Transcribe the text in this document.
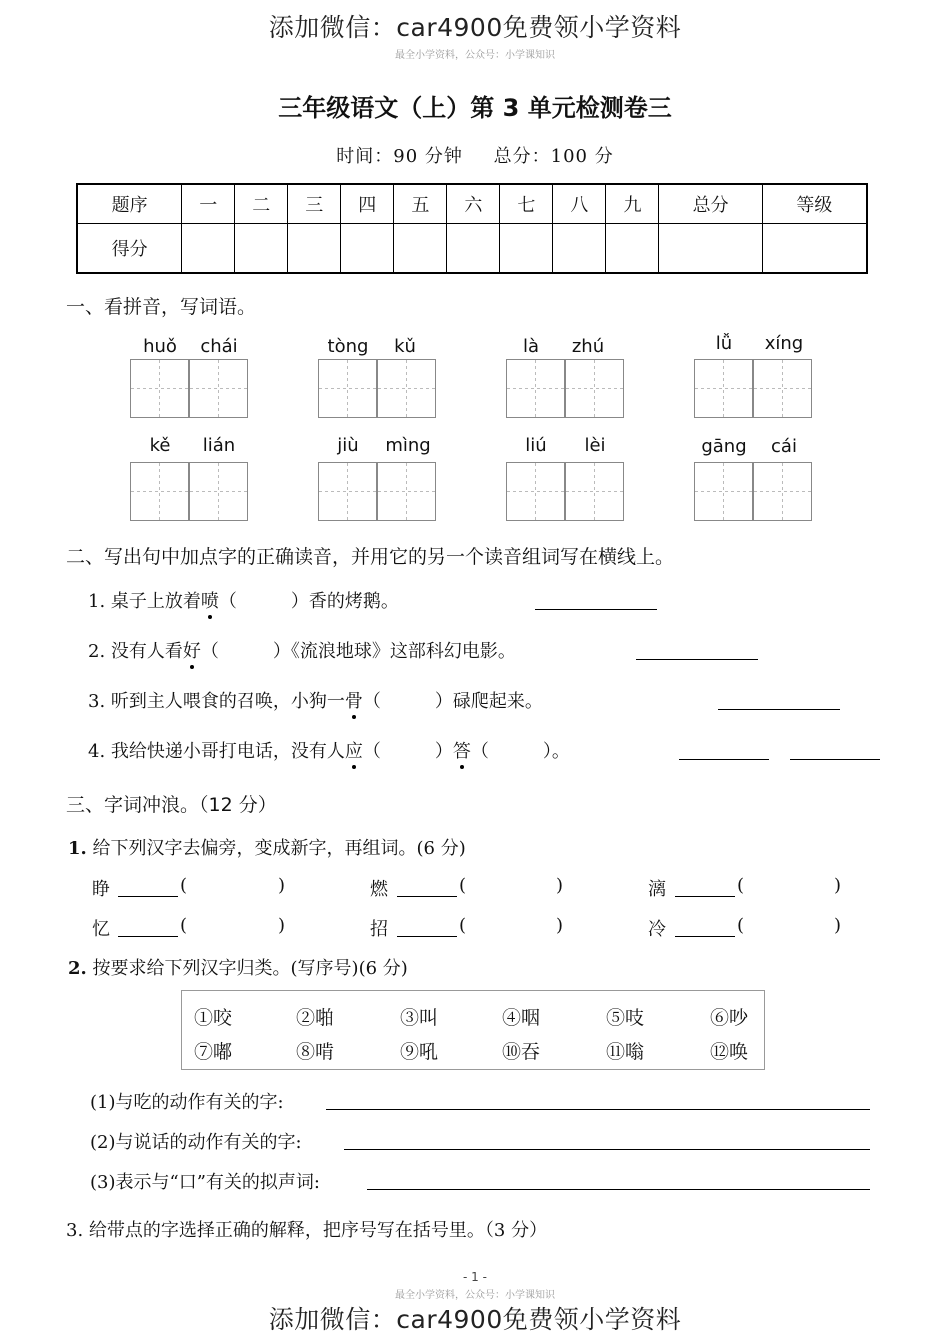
添加微信：car4900免费领小学资料
最全小学资料，公众号：小学课知识
三年级语文（上）第 3 单元检测卷三
时间：90 分钟 总分：100 分
题序	一	二	三	四	五	六	七	八	九	总分	等级
得分											
一、看拼音，写词语。
huǒ	chái	tòng	kǔ	là	zhú	lǚ	xíng
kě	lián	jiù	mìng	liú	lèi	gāng	cái
二、写出句中加点字的正确读音，并用它的另一个读音组词写在横线上。
1. 桌子上放着喷（　　　）香的烤鹅。
2. 没有人看好（　　　）《流浪地球》这部科幻电影。
3. 听到主人喂食的召唤，小狗一骨（　　　）碌爬起来。
4. 我给快递小哥打电话，没有人应（　　　）答（　　　）。
三、字词冲浪。（12 分）
1. 给下列汉字去偏旁，变成新字，再组词。(6 分)
睁	(	)	燃	(	)	漓	(	)
忆	(	)	招	(	)	冷	(	)
2. 按要求给下列汉字归类。(写序号)(6 分)
①咬	②啪	③叫	④咽	⑤吱	⑥吵
⑦嘟	⑧啃	⑨吼	⑩吞	⑪嗡	⑫唤
(1)与吃的动作有关的字:
(2)与说话的动作有关的字:
(3)表示与“口”有关的拟声词:
3. 给带点的字选择正确的解释，把序号写在括号里。（3 分）
- 1 -
最全小学资料，公众号：小学课知识
添加微信：car4900免费领小学资料
